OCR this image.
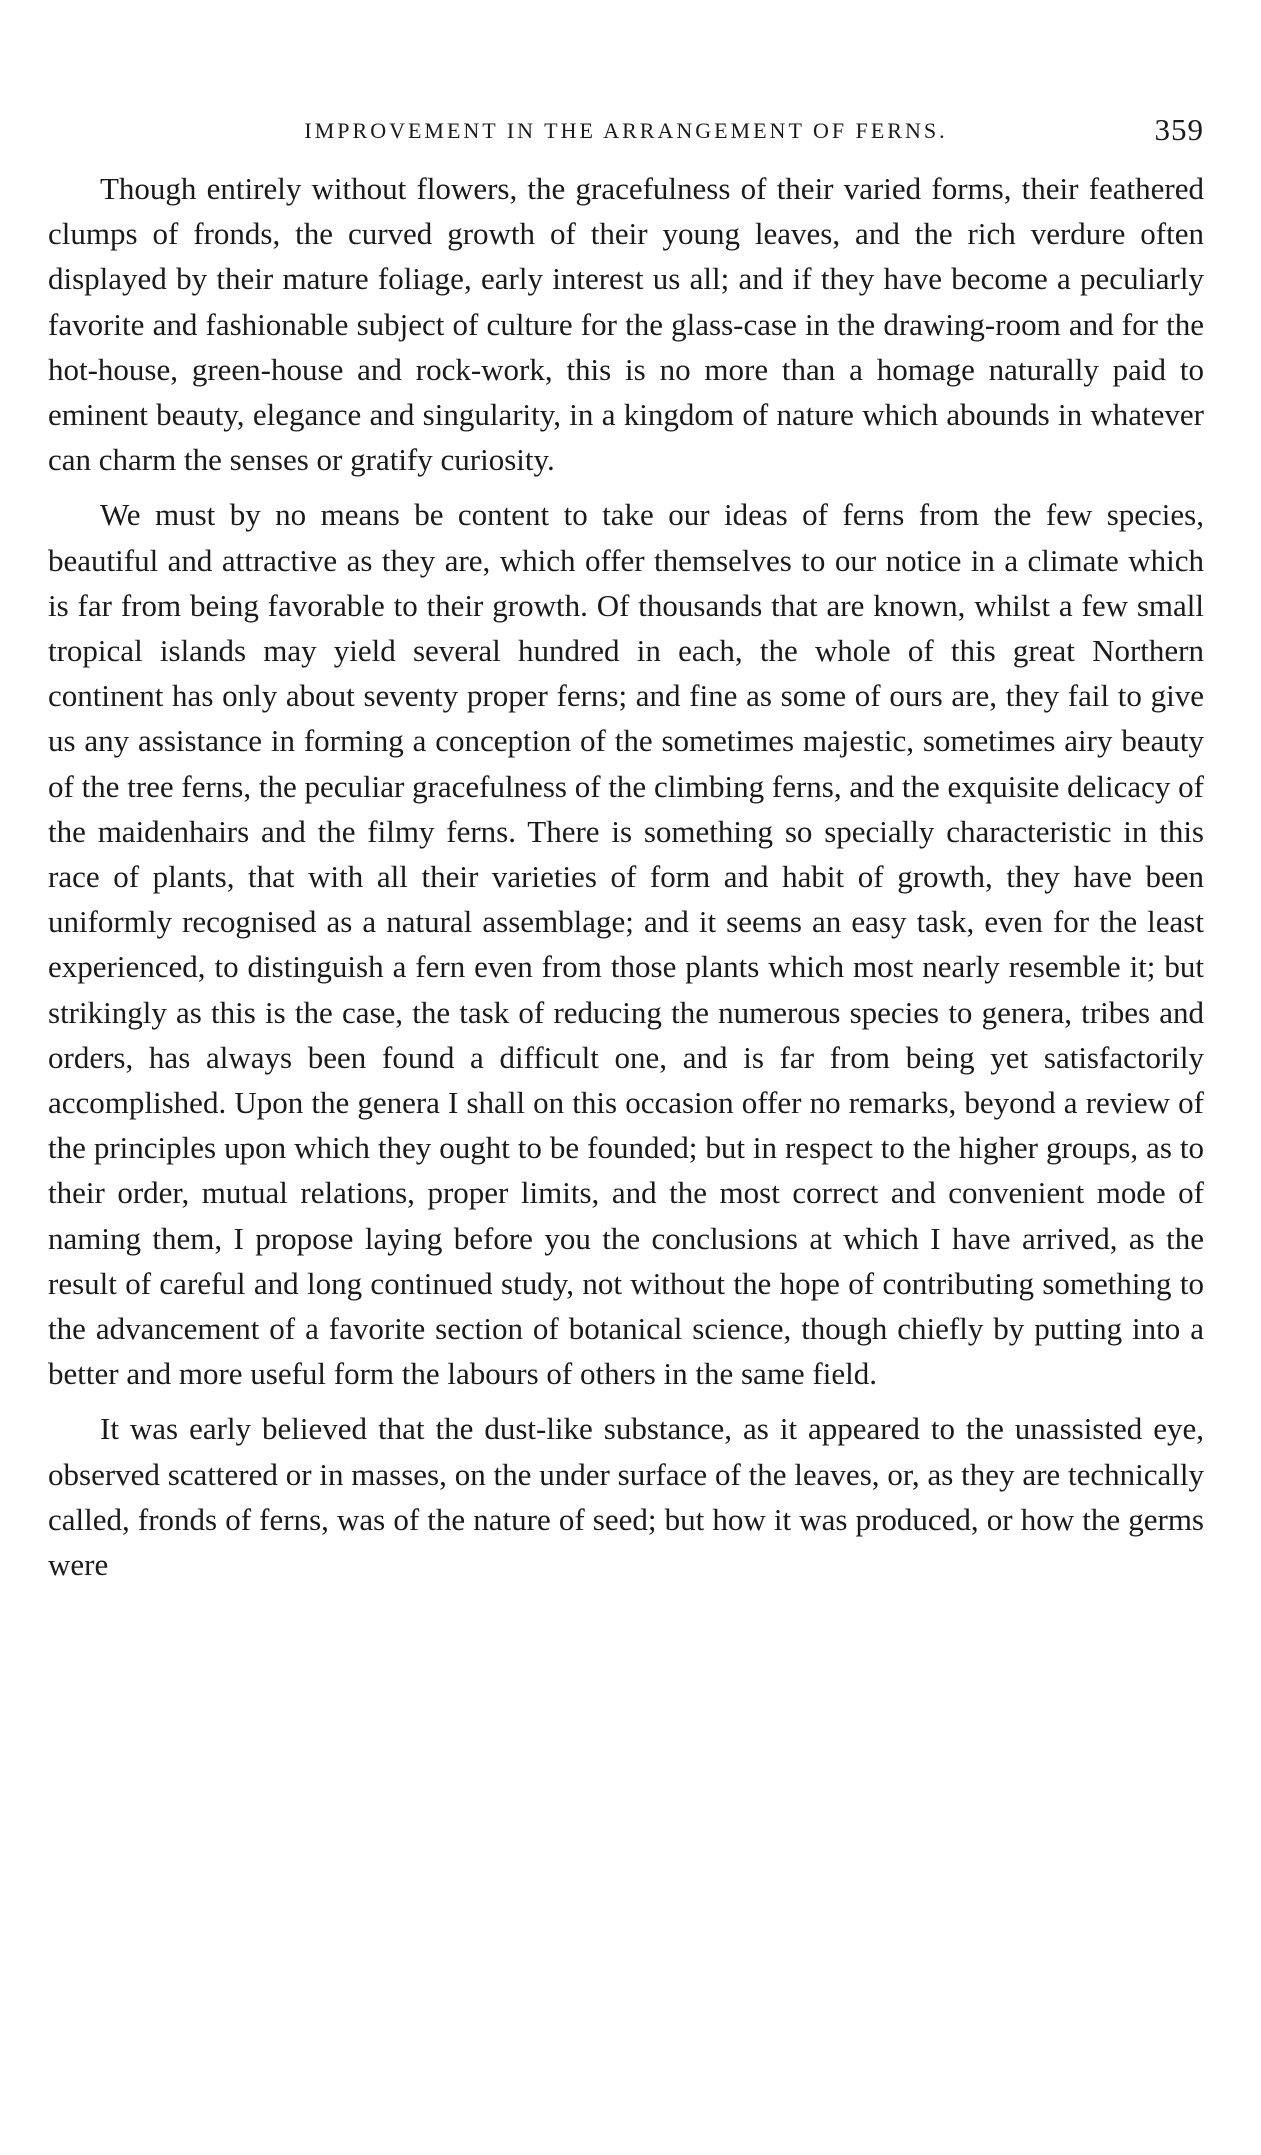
IMPROVEMENT IN THE ARRANGEMENT OF FERNS.	359

Though entirely without flowers, the gracefulness of their varied forms, their feathered clumps of fronds, the curved growth of their young leaves, and the rich verdure often displayed by their mature foliage, early interest us all; and if they have become a peculiarly favorite and fashionable subject of culture for the glass-case in the drawing-room and for the hot-house, green-house and rock-work, this is no more than a homage naturally paid to eminent beauty, elegance and singularity, in a kingdom of nature which abounds in whatever can charm the senses or gratify curiosity.

We must by no means be content to take our ideas of ferns from the few species, beautiful and attractive as they are, which offer themselves to our notice in a climate which is far from being favorable to their growth. Of thousands that are known, whilst a few small tropical islands may yield several hundred in each, the whole of this great Northern continent has only about seventy proper ferns; and fine as some of ours are, they fail to give us any assistance in forming a conception of the sometimes majestic, sometimes airy beauty of the tree ferns, the peculiar gracefulness of the climbing ferns, and the exquisite delicacy of the maidenhairs and the filmy ferns. There is something so specially characteristic in this race of plants, that with all their varieties of form and habit of growth, they have been uniformly recognised as a natural assemblage; and it seems an easy task, even for the least experienced, to distinguish a fern even from those plants which most nearly resemble it; but strikingly as this is the case, the task of reducing the numerous species to genera, tribes and orders, has always been found a difficult one, and is far from being yet satisfactorily accomplished. Upon the genera I shall on this occasion offer no remarks, beyond a review of the principles upon which they ought to be founded; but in respect to the higher groups, as to their order, mutual relations, proper limits, and the most correct and convenient mode of naming them, I propose laying before you the conclusions at which I have arrived, as the result of careful and long continued study, not without the hope of contributing something to the advancement of a favorite section of botanical science, though chiefly by putting into a better and more useful form the labours of others in the same field.

It was early believed that the dust-like substance, as it appeared to the unassisted eye, observed scattered or in masses, on the under surface of the leaves, or, as they are technically called, fronds of ferns, was of the nature of seed; but how it was produced, or how the germs were
